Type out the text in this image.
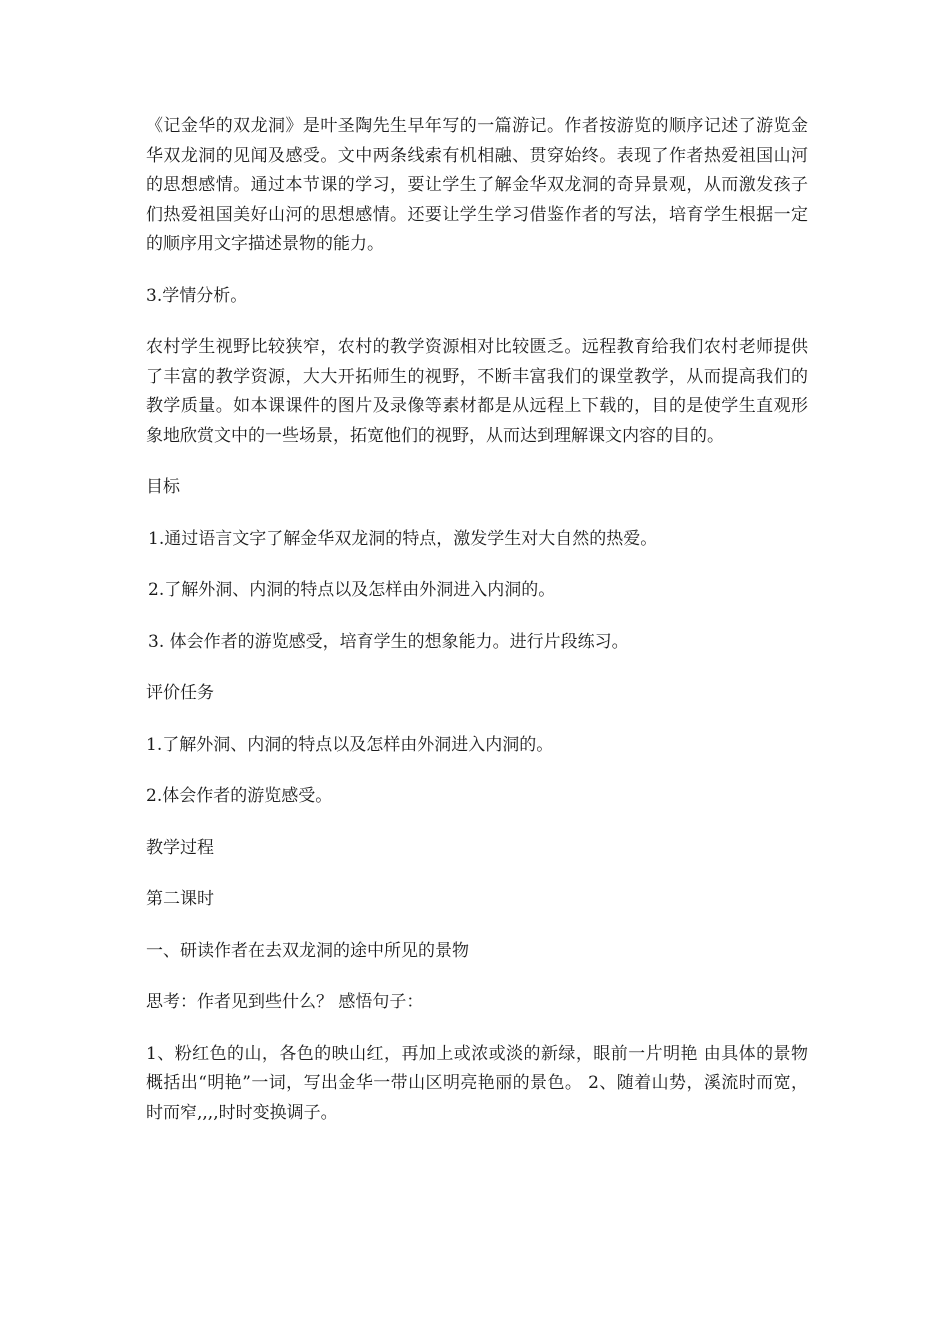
《记金华的双龙洞》是叶圣陶先生早年写的一篇游记。作者按游览的顺序记述了游览金华双龙洞的见闻及感受。文中两条线索有机相融、贯穿始终。表现了作者热爱祖国山河的思想感情。通过本节课的学习，要让学生了解金华双龙洞的奇异景观，从而激发孩子们热爱祖国美好山河的思想感情。还要让学生学习借鉴作者的写法，培育学生根据一定的顺序用文字描述景物的能力。

3.学情分析。

农村学生视野比较狭窄，农村的教学资源相对比较匮乏。远程教育给我们农村老师提供了丰富的教学资源，大大开拓师生的视野，不断丰富我们的课堂教学，从而提高我们的教学质量。如本课课件的图片及录像等素材都是从远程上下载的，目的是使学生直观形象地欣赏文中的一些场景，拓宽他们的视野，从而达到理解课文内容的目的。

目标

1.通过语言文字了解金华双龙洞的特点，激发学生对大自然的热爱。

2.了解外洞、内洞的特点以及怎样由外洞进入内洞的。

3. 体会作者的游览感受，培育学生的想象能力。进行片段练习。

评价任务

1.了解外洞、内洞的特点以及怎样由外洞进入内洞的。

2.体会作者的游览感受。

教学过程

第二课时

一、研读作者在去双龙洞的途中所见的景物

思考：作者见到些什么？ 感悟句子：

1、粉红色的山，各色的映山红，再加上或浓或淡的新绿，眼前一片明艳 由具体的景物概括出“明艳”一词，写出金华一带山区明亮艳丽的景色。 2、随着山势，溪流时而宽，时而窄,,,,时时变换调子。
